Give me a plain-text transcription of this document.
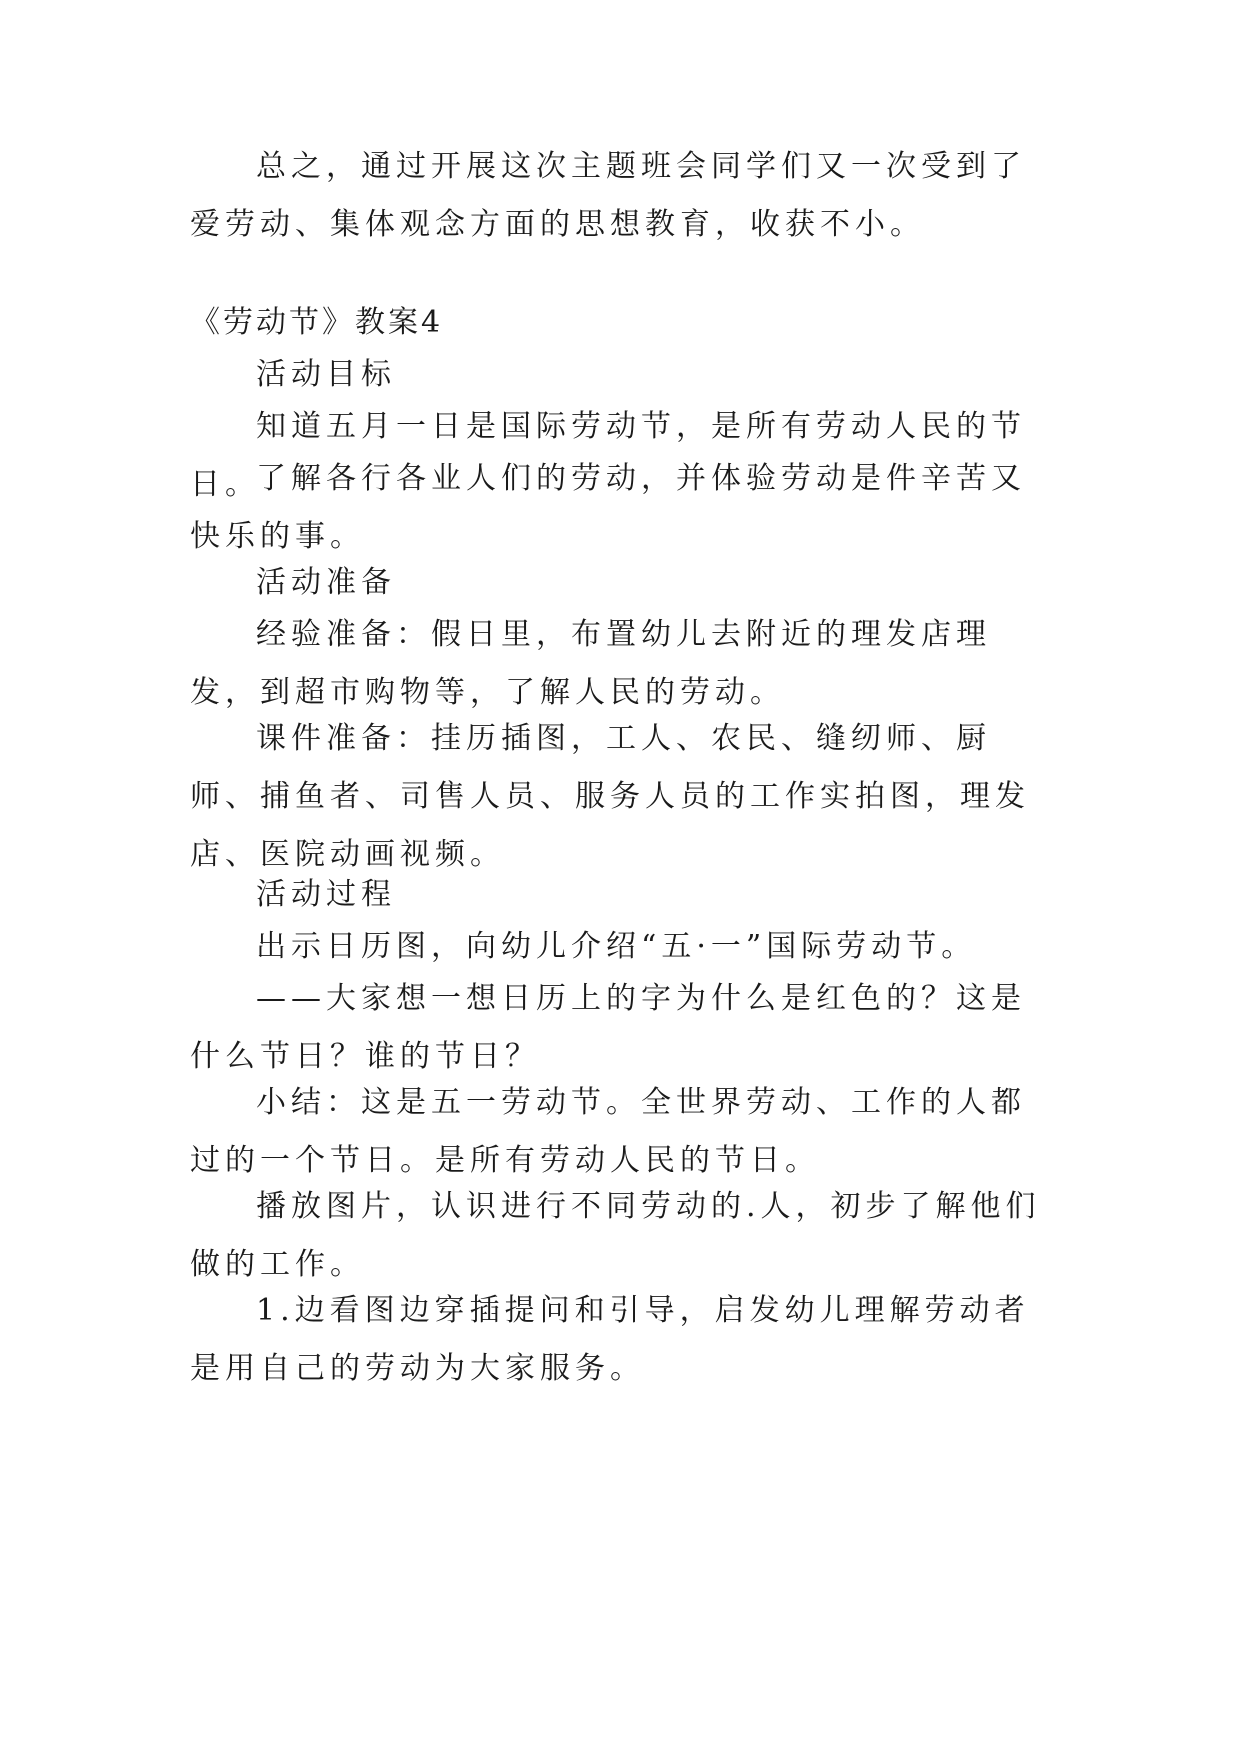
总之，通过开展这次主题班会同学们又一次受到了爱劳动、集体观念方面的思想教育，收获不小。

《劳动节》教案4

活动目标

知道五月一日是国际劳动节，是所有劳动人民的节日。

了解各行各业人们的劳动，并体验劳动是件辛苦又快乐的事。

活动准备

经验准备：假日里，布置幼儿去附近的理发店理发，到超市购物等，了解人民的劳动。

课件准备：挂历插图，工人、农民、缝纫师、厨师、捕鱼者、司售人员、服务人员的工作实拍图，理发店、医院动画视频。

活动过程

出示日历图，向幼儿介绍“五·一”国际劳动节。

——大家想一想日历上的字为什么是红色的？这是什么节日？谁的节日？

小结：这是五一劳动节。全世界劳动、工作的人都过的一个节日。是所有劳动人民的节日。

播放图片，认识进行不同劳动的.人，初步了解他们做的工作。

1.边看图边穿插提问和引导，启发幼儿理解劳动者是用自己的劳动为大家服务。
